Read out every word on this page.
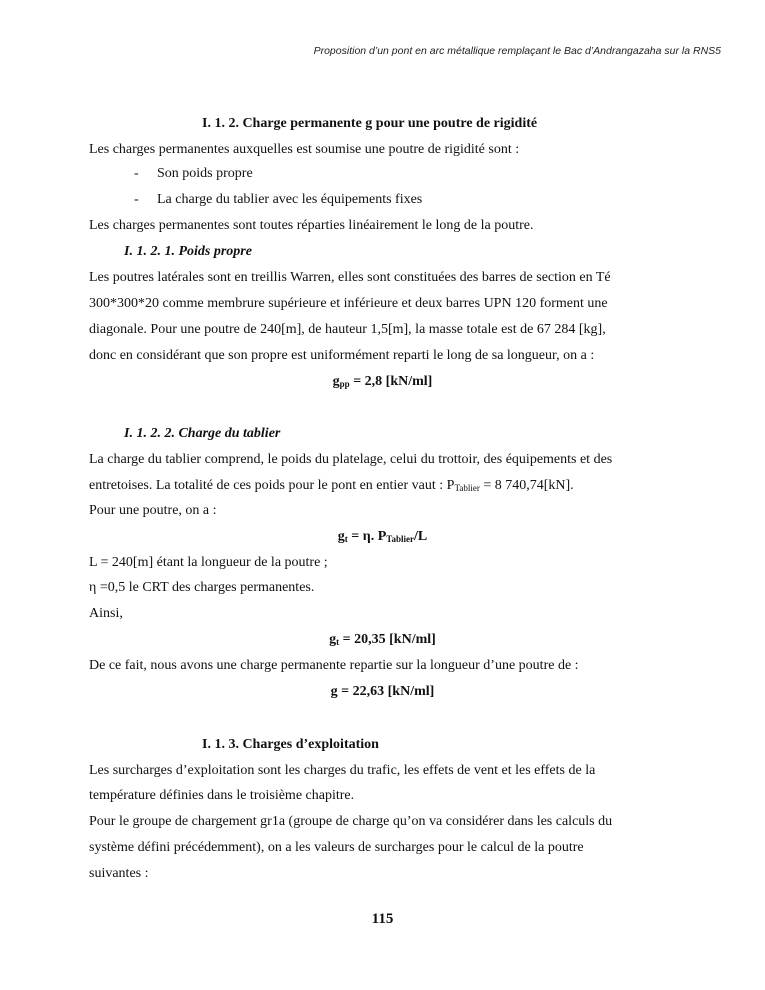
Proposition d’un pont en arc métallique remplaçant le Bac d’Andrangazaha sur la RNS5
I. 1. 2. Charge permanente g pour une poutre de rigidité
Les charges permanentes auxquelles est soumise une poutre de rigidité sont :
- Son poids propre
- La charge du tablier avec les équipements fixes
Les charges permanentes sont toutes réparties linéairement le long de la poutre.
I. 1. 2. 1. Poids propre
Les poutres latérales sont en treillis Warren, elles sont constituées des barres de section en Té
300*300*20 comme membrure supérieure et inférieure et deux barres UPN 120 forment une
diagonale. Pour une poutre de 240[m], de hauteur 1,5[m], la masse totale est de 67 284 [kg],
donc en considérant que son propre est uniformément reparti le long de sa longueur, on a :
$g_{pp} = 2,8$ [kN/ml]
I. 1. 2. 2. Charge du tablier
La charge du tablier comprend, le poids du platelage, celui du trottoir, des équipements et des
entretoises. La totalité de ces poids pour le pont en entier vaut : $P_{Tablier} = 8$ 740,74[kN].
Pour une poutre, on a :
$g_t = \eta$. $P_{Tablier}/L$
L = 240[m] étant la longueur de la poutre ;
η =0,5 le CRT des charges permanentes.
Ainsi,
$g_t = 20,35$ [kN/ml]
De ce fait, nous avons une charge permanente repartie sur la longueur d’une poutre de :
g = 22,63 [kN/ml]
I. 1. 3. Charges d’exploitation
Les surcharges d’exploitation sont les charges du trafic, les effets de vent et les effets de la
température définies dans le troisième chapitre.
Pour le groupe de chargement gr1a (groupe de charge qu’on va considérer dans les calculs du
système défini précédemment), on a les valeurs de surcharges pour le calcul de la poutre
suivantes :
115
